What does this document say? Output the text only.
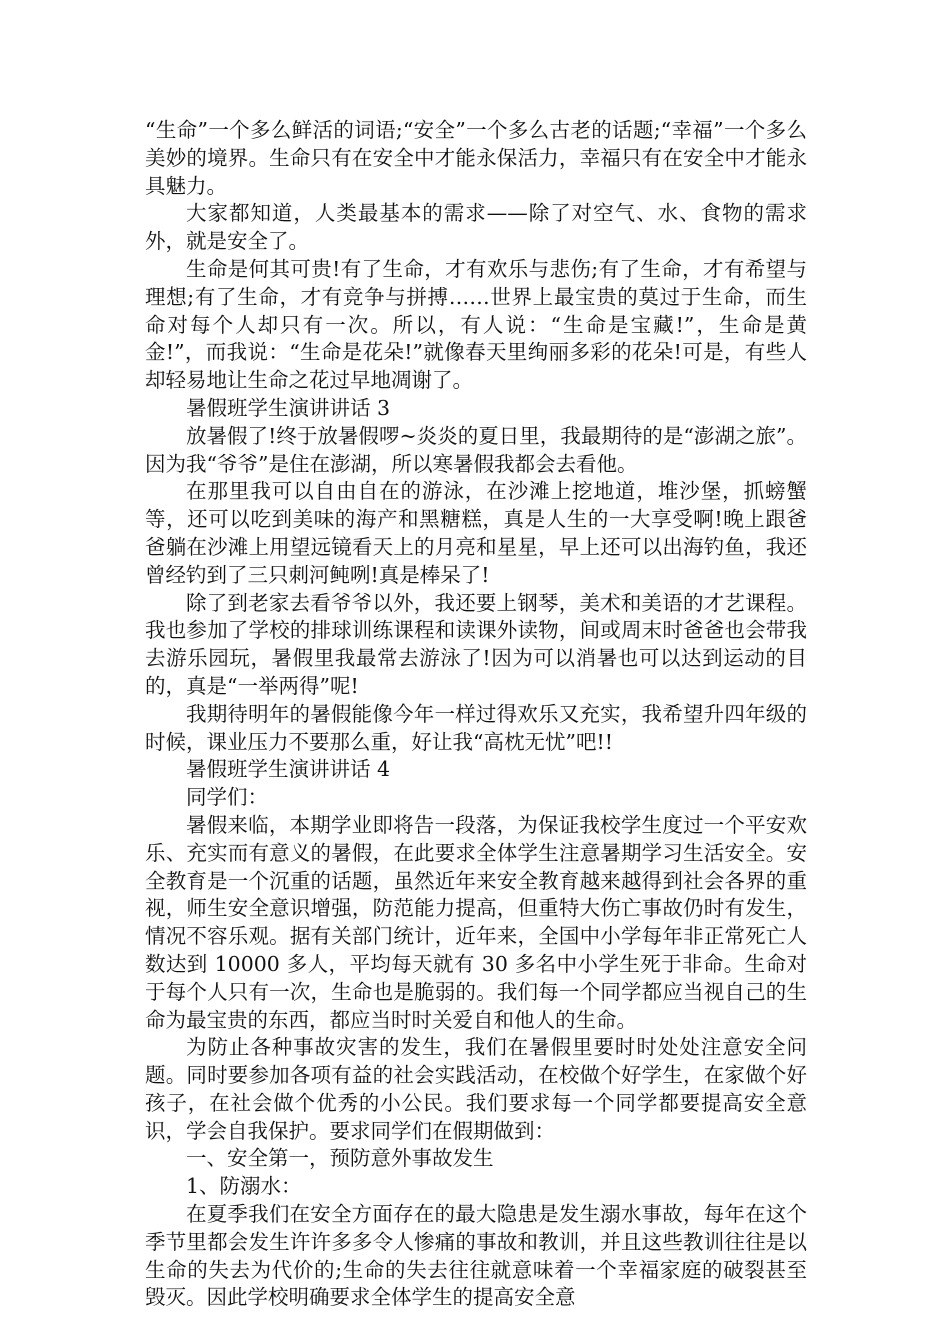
“生命”一个多么鲜活的词语;“安全”一个多么古老的话题;“幸福”一个多么美妙的境界。生命只有在安全中才能永保活力，幸福只有在安全中才能永具魅力。

大家都知道，人类最基本的需求——除了对空气、水、食物的需求外，就是安全了。

生命是何其可贵!有了生命，才有欢乐与悲伤;有了生命，才有希望与理想;有了生命，才有竞争与拼搏……世界上最宝贵的莫过于生命，而生命对每个人却只有一次。所以，有人说：“生命是宝藏!”，生命是黄金!”，而我说：“生命是花朵!”就像春天里绚丽多彩的花朵!可是，有些人却轻易地让生命之花过早地凋谢了。

暑假班学生演讲讲话 3

放暑假了!终于放暑假啰~炎炎的夏日里，我最期待的是“澎湖之旅”。因为我“爷爷”是住在澎湖，所以寒暑假我都会去看他。

在那里我可以自由自在的游泳，在沙滩上挖地道，堆沙堡，抓螃蟹等，还可以吃到美味的海产和黑糖糕，真是人生的一大享受啊!晚上跟爸爸躺在沙滩上用望远镜看天上的月亮和星星，早上还可以出海钓鱼，我还曾经钓到了三只刺河鲀咧!真是棒呆了!

除了到老家去看爷爷以外，我还要上钢琴，美术和美语的才艺课程。我也参加了学校的排球训练课程和读课外读物，间或周末时爸爸也会带我去游乐园玩，暑假里我最常去游泳了!因为可以消暑也可以达到运动的目的，真是“一举两得”呢!

我期待明年的暑假能像今年一样过得欢乐又充实，我希望升四年级的时候，课业压力不要那么重，好让我“高枕无忧”吧!!

暑假班学生演讲讲话 4

同学们：

暑假来临，本期学业即将告一段落，为保证我校学生度过一个平安欢乐、充实而有意义的暑假，在此要求全体学生注意暑期学习生活安全。安全教育是一个沉重的话题，虽然近年来安全教育越来越得到社会各界的重视，师生安全意识增强，防范能力提高，但重特大伤亡事故仍时有发生，情况不容乐观。据有关部门统计，近年来，全国中小学每年非正常死亡人数达到 10000 多人，平均每天就有 30 多名中小学生死于非命。生命对于每个人只有一次，生命也是脆弱的。我们每一个同学都应当视自己的生命为最宝贵的东西，都应当时时关爱自和他人的生命。

为防止各种事故灾害的发生，我们在暑假里要时时处处注意安全问题。同时要参加各项有益的社会实践活动，在校做个好学生，在家做个好孩子，在社会做个优秀的小公民。我们要求每一个同学都要提高安全意识，学会自我保护。要求同学们在假期做到：

一、安全第一，预防意外事故发生

1、防溺水：

在夏季我们在安全方面存在的最大隐患是发生溺水事故，每年在这个季节里都会发生许许多多令人惨痛的事故和教训，并且这些教训往往是以生命的失去为代价的;生命的失去往往就意味着一个幸福家庭的破裂甚至毁灭。因此学校明确要求全体学生的提高安全意
